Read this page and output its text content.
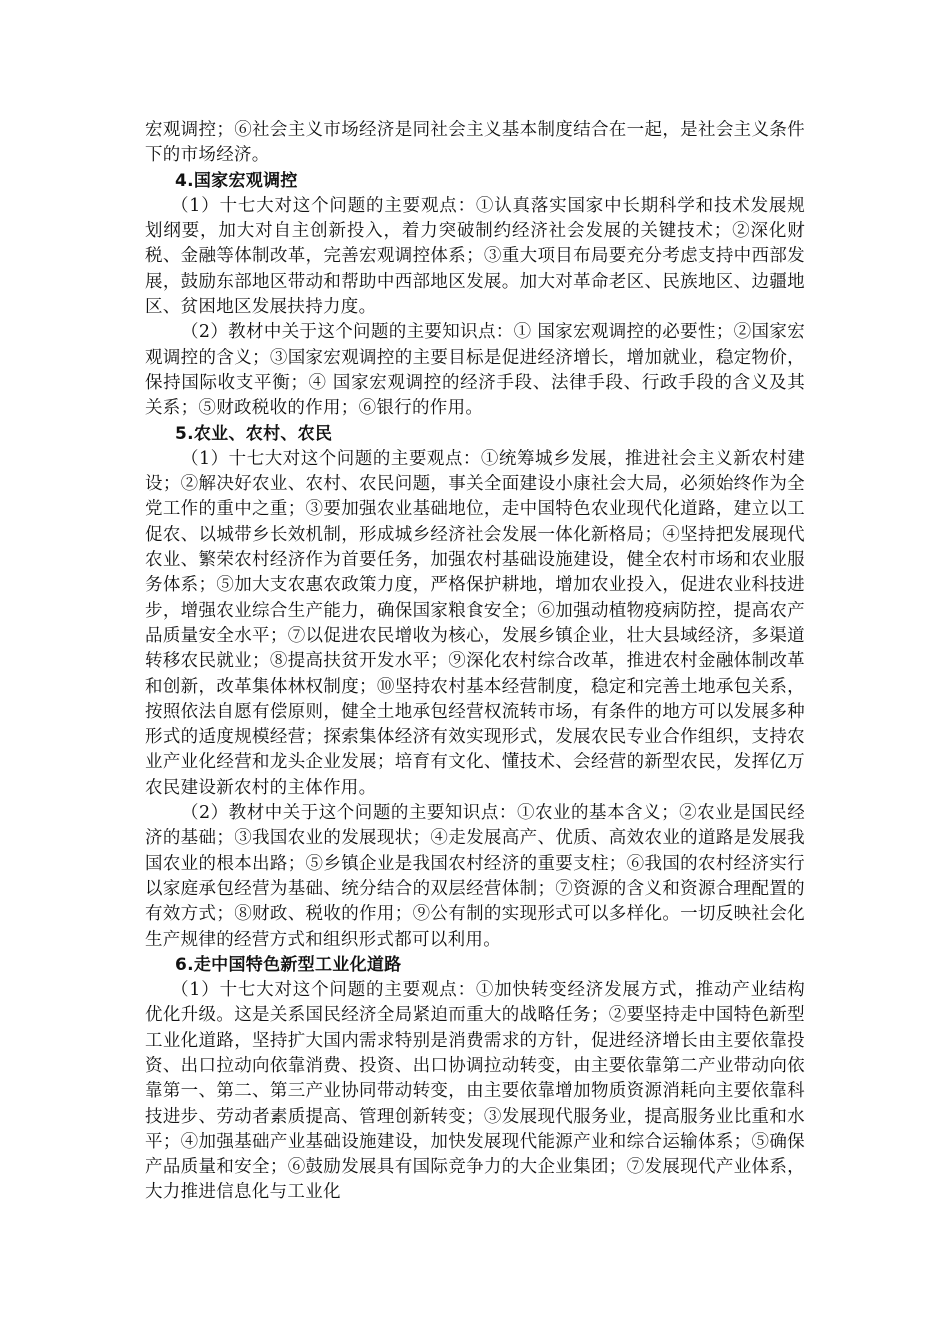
宏观调控；⑥社会主义市场经济是同社会主义基本制度结合在一起，是社会主义条件下的市场经济。

4.国家宏观调控

（1）十七大对这个问题的主要观点：①认真落实国家中长期科学和技术发展规划纲要，加大对自主创新投入，着力突破制约经济社会发展的关键技术；②深化财税、金融等体制改革，完善宏观调控体系；③重大项目布局要充分考虑支持中西部发展，鼓励东部地区带动和帮助中西部地区发展。加大对革命老区、民族地区、边疆地区、贫困地区发展扶持力度。

（2）教材中关于这个问题的主要知识点：① 国家宏观调控的必要性；②国家宏观调控的含义；③国家宏观调控的主要目标是促进经济增长，增加就业，稳定物价，保持国际收支平衡；④ 国家宏观调控的经济手段、法律手段、行政手段的含义及其关系；⑤财政税收的作用；⑥银行的作用。

5.农业、农村、农民

（1）十七大对这个问题的主要观点：①统筹城乡发展，推进社会主义新农村建设；②解决好农业、农村、农民问题，事关全面建设小康社会大局，必须始终作为全党工作的重中之重；③要加强农业基础地位，走中国特色农业现代化道路，建立以工促农、以城带乡长效机制，形成城乡经济社会发展一体化新格局；④坚持把发展现代农业、繁荣农村经济作为首要任务，加强农村基础设施建设，健全农村市场和农业服务体系；⑤加大支农惠农政策力度，严格保护耕地，增加农业投入，促进农业科技进步，增强农业综合生产能力，确保国家粮食安全；⑥加强动植物疫病防控，提高农产品质量安全水平；⑦以促进农民增收为核心，发展乡镇企业，壮大县域经济，多渠道转移农民就业；⑧提高扶贫开发水平；⑨深化农村综合改革，推进农村金融体制改革和创新，改革集体林权制度；⑩坚持农村基本经营制度，稳定和完善土地承包关系，按照依法自愿有偿原则，健全土地承包经营权流转市场，有条件的地方可以发展多种形式的适度规模经营；探索集体经济有效实现形式，发展农民专业合作组织，支持农业产业化经营和龙头企业发展；培育有文化、懂技术、会经营的新型农民，发挥亿万农民建设新农村的主体作用。

（2）教材中关于这个问题的主要知识点：①农业的基本含义；②农业是国民经济的基础；③我国农业的发展现状；④走发展高产、优质、高效农业的道路是发展我国农业的根本出路；⑤乡镇企业是我国农村经济的重要支柱；⑥我国的农村经济实行以家庭承包经营为基础、统分结合的双层经营体制；⑦资源的含义和资源合理配置的有效方式；⑧财政、税收的作用；⑨公有制的实现形式可以多样化。一切反映社会化生产规律的经营方式和组织形式都可以利用。

6.走中国特色新型工业化道路

（1）十七大对这个问题的主要观点：①加快转变经济发展方式，推动产业结构优化升级。这是关系国民经济全局紧迫而重大的战略任务；②要坚持走中国特色新型工业化道路，坚持扩大国内需求特别是消费需求的方针，促进经济增长由主要依靠投资、出口拉动向依靠消费、投资、出口协调拉动转变，由主要依靠第二产业带动向依靠第一、第二、第三产业协同带动转变，由主要依靠增加物质资源消耗向主要依靠科技进步、劳动者素质提高、管理创新转变；③发展现代服务业，提高服务业比重和水平；④加强基础产业基础设施建设，加快发展现代能源产业和综合运输体系；⑤确保产品质量和安全；⑥鼓励发展具有国际竞争力的大企业集团；⑦发展现代产业体系，大力推进信息化与工业化
